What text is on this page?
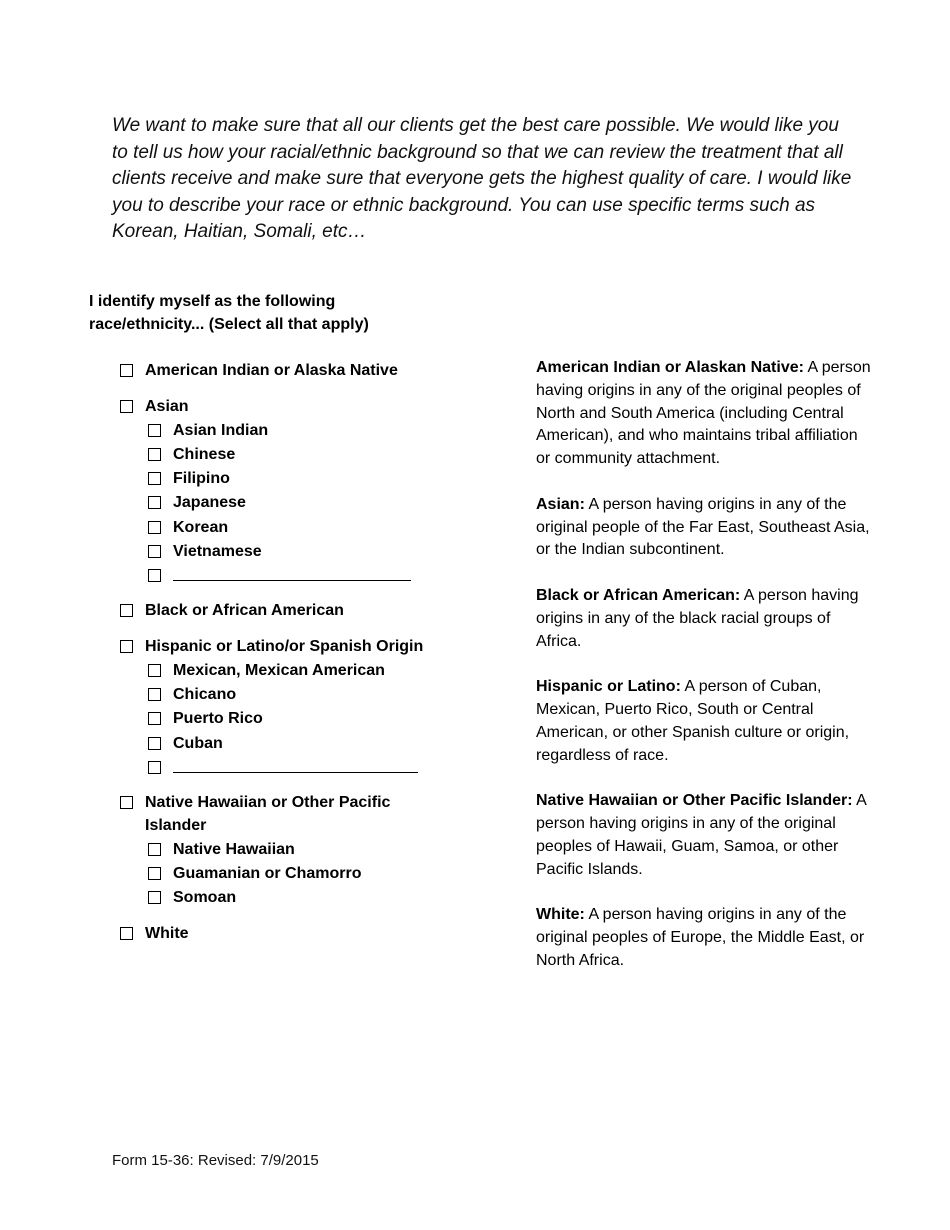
We want to make sure that all our clients get the best care possible. We would like you to tell us how your racial/ethnic background so that we can review the treatment that all clients receive and make sure that everyone gets the highest quality of care. I would like you to describe your race or ethnic background. You can use specific terms such as Korean, Haitian, Somali, etc…

I identify myself as the following race/ethnicity... (Select all that apply)

American Indian or Alaska Native
Asian
Asian Indian
Chinese
Filipino
Japanese
Korean
Vietnamese
Black or African American
Hispanic or Latino/or Spanish Origin
Mexican, Mexican American
Chicano
Puerto Rico
Cuban
Native Hawaiian or Other Pacific Islander
Native Hawaiian
Guamanian or Chamorro
Somoan
White

American Indian or Alaskan Native: A person having origins in any of the original peoples of North and South America (including Central American), and who maintains tribal affiliation or community attachment.

Asian: A person having origins in any of the original people of the Far East, Southeast Asia, or the Indian subcontinent.

Black or African American: A person having origins in any of the black racial groups of Africa.

Hispanic or Latino: A person of Cuban, Mexican, Puerto Rico, South or Central American, or other Spanish culture or origin, regardless of race.

Native Hawaiian or Other Pacific Islander: A person having origins in any of the original peoples of Hawaii, Guam, Samoa, or other Pacific Islands.

White: A person having origins in any of the original peoples of Europe, the Middle East, or North Africa.

Form 15-36: Revised: 7/9/2015
